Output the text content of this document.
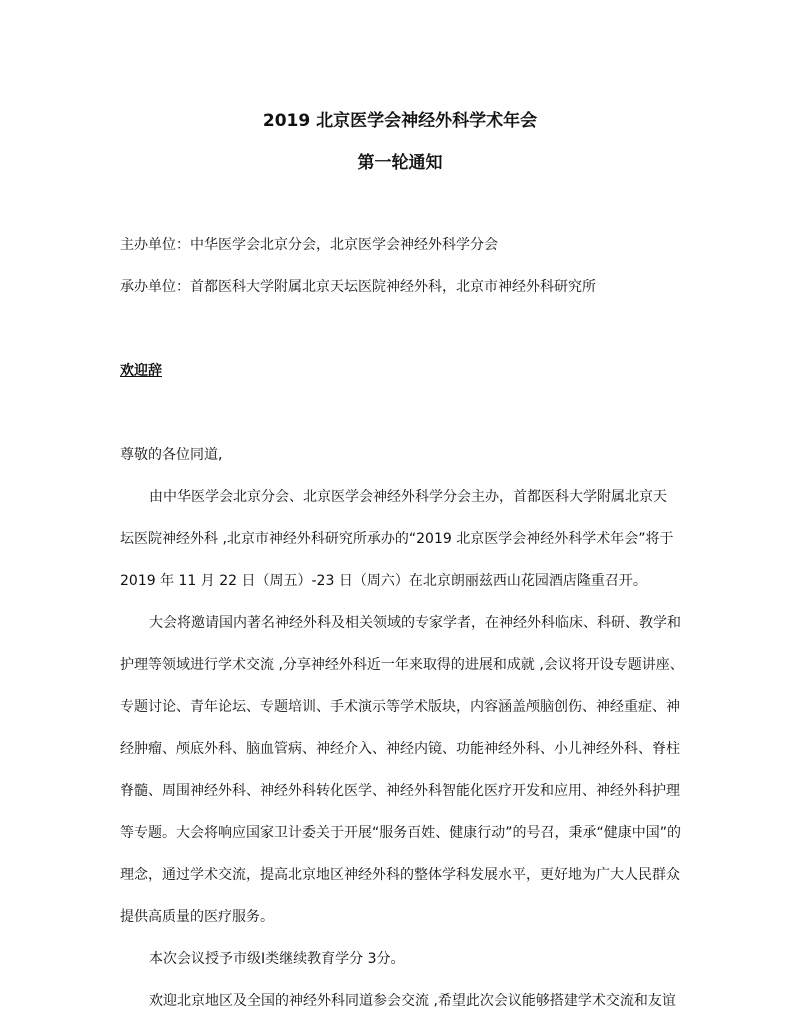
2019 北京医学会神经外科学术年会
第一轮通知

主办单位：中华医学会北京分会，北京医学会神经外科学分会

承办单位：首都医科大学附属北京天坛医院神经外科，北京市神经外科研究所

欢迎辞

尊敬的各位同道,

由中华医学会北京分会、北京医学会神经外科学分会主办，首都医科大学附属北京天

坛医院神经外科 ,北京市神经外科研究所承办的“2019 北京医学会神经外科学术年会”将于

2019 年 11 月 22 日（周五）-23 日（周六）在北京朗丽兹西山花园酒店隆重召开。

大会将邀请国内著名神经外科及相关领域的专家学者，在神经外科临床、科研、教学和

护理等领域进行学术交流 ,分享神经外科近一年来取得的进展和成就 ,会议将开设专题讲座、

专题讨论、青年论坛、专题培训、手术演示等学术版块，内容涵盖颅脑创伤、神经重症、神

经肿瘤、颅底外科、脑血管病、神经介入、神经内镜、功能神经外科、小儿神经外科、脊柱

脊髓、周围神经外科、神经外科转化医学、神经外科智能化医疗开发和应用、神经外科护理

等专题。大会将响应国家卫计委关于开展“服务百姓、健康行动”的号召，秉承“健康中国”的

理念，通过学术交流，提高北京地区神经外科的整体学科发展水平，更好地为广大人民群众

提供高质量的医疗服务。

本次会议授予市级I类继续教育学分 3分。

欢迎北京地区及全国的神经外科同道参会交流 ,希望此次会议能够搭建学术交流和友谊
